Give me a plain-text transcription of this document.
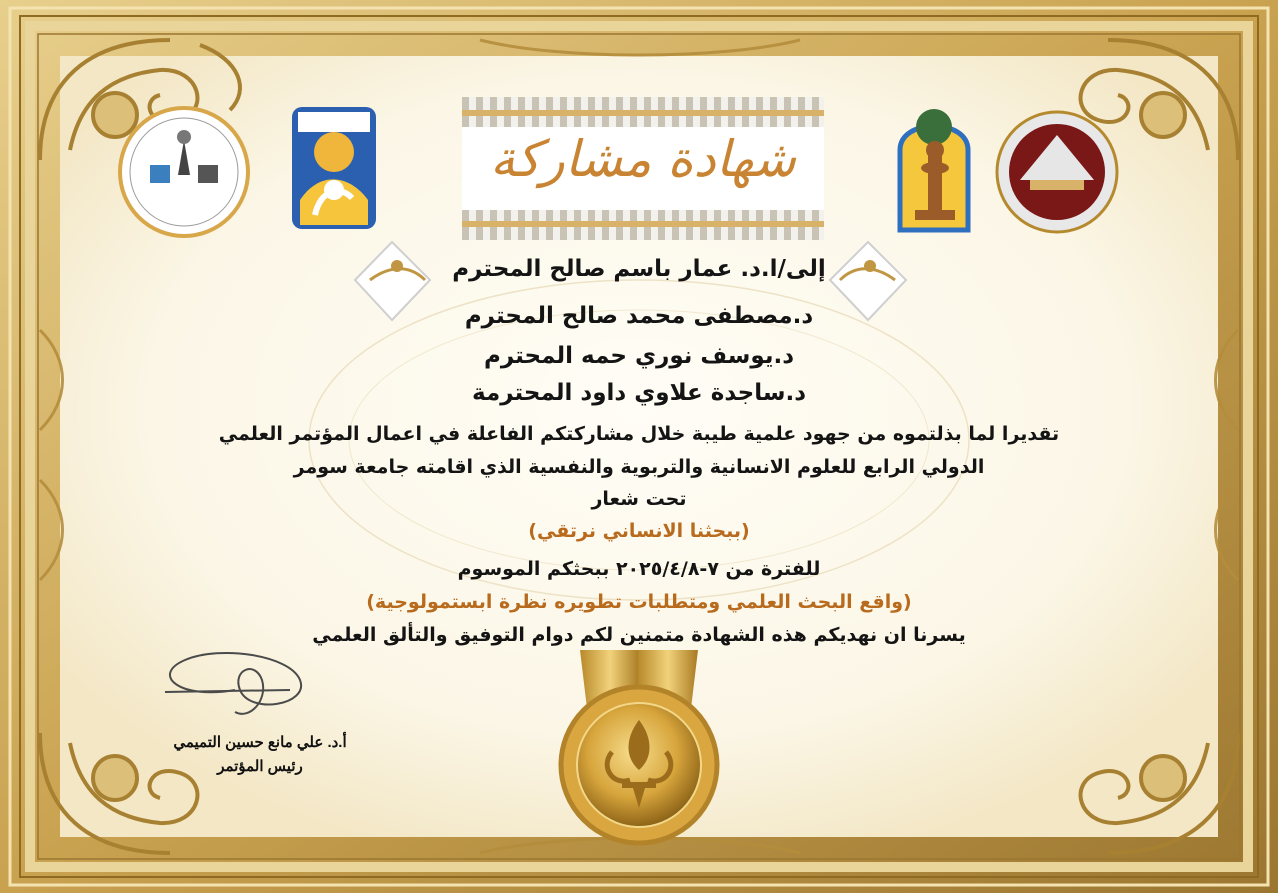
شهادة مشاركة
إلى/ا.د. عمار باسم صالح المحترم
د.مصطفى محمد صالح المحترم
د.يوسف نوري حمه المحترم
د.ساجدة علاوي داود المحترمة
تقديرا لما بذلتموه من جهود علمية طيبة خلال مشاركتكم الفاعلة في اعمال المؤتمر العلمي
الدولي الرابع للعلوم الانسانية والتربوية والنفسية الذي اقامته جامعة سومر
تحت شعار
(ببحثنا الانساني نرتقي)
للفترة من ٧-٢٠٢٥/٤/٨ ببحثكم الموسوم
(واقع البحث العلمي ومتطلبات تطويره نظرة ابستمولوجية)
يسرنا ان نهديكم هذه الشهادة متمنين لكم دوام التوفيق والتألق العلمي
أ.د. علي مانع حسين التميمي
رئيس المؤتمر
